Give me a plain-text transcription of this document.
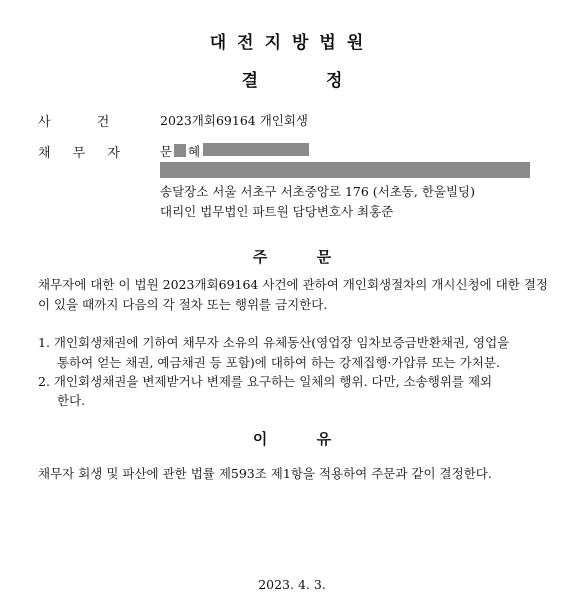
대전지방법원
결 정
사 건	2023개회69164 개인회생
채 무 자	문 혜
송달장소 서울 서초구 서초중앙로 176 (서초동, 한울빌딩)
대리인 법무법인 파트원 담당변호사 최홍준
주 문
채무자에 대한 이 법원 2023개회69164 사건에 관하여 개인회생절차의 개시신청에 대한 결정이 있을 때까지 다음의 각 절차 또는 행위를 금지한다.
1. 개인회생채권에 기하여 채무자 소유의 유체동산(영업장 임차보증금반환채권, 영업을
통하여 얻는 채권, 예금채권 등 포함)에 대하여 하는 강제집행·가압류 또는 가처분.
2. 개인회생채권을 변제받거나 변제를 요구하는 일체의 행위. 다만, 소송행위를 제외
한다.
이 유
채무자 회생 및 파산에 관한 법률 제593조 제1항을 적용하여 주문과 같이 결정한다.
2023. 4. 3.
